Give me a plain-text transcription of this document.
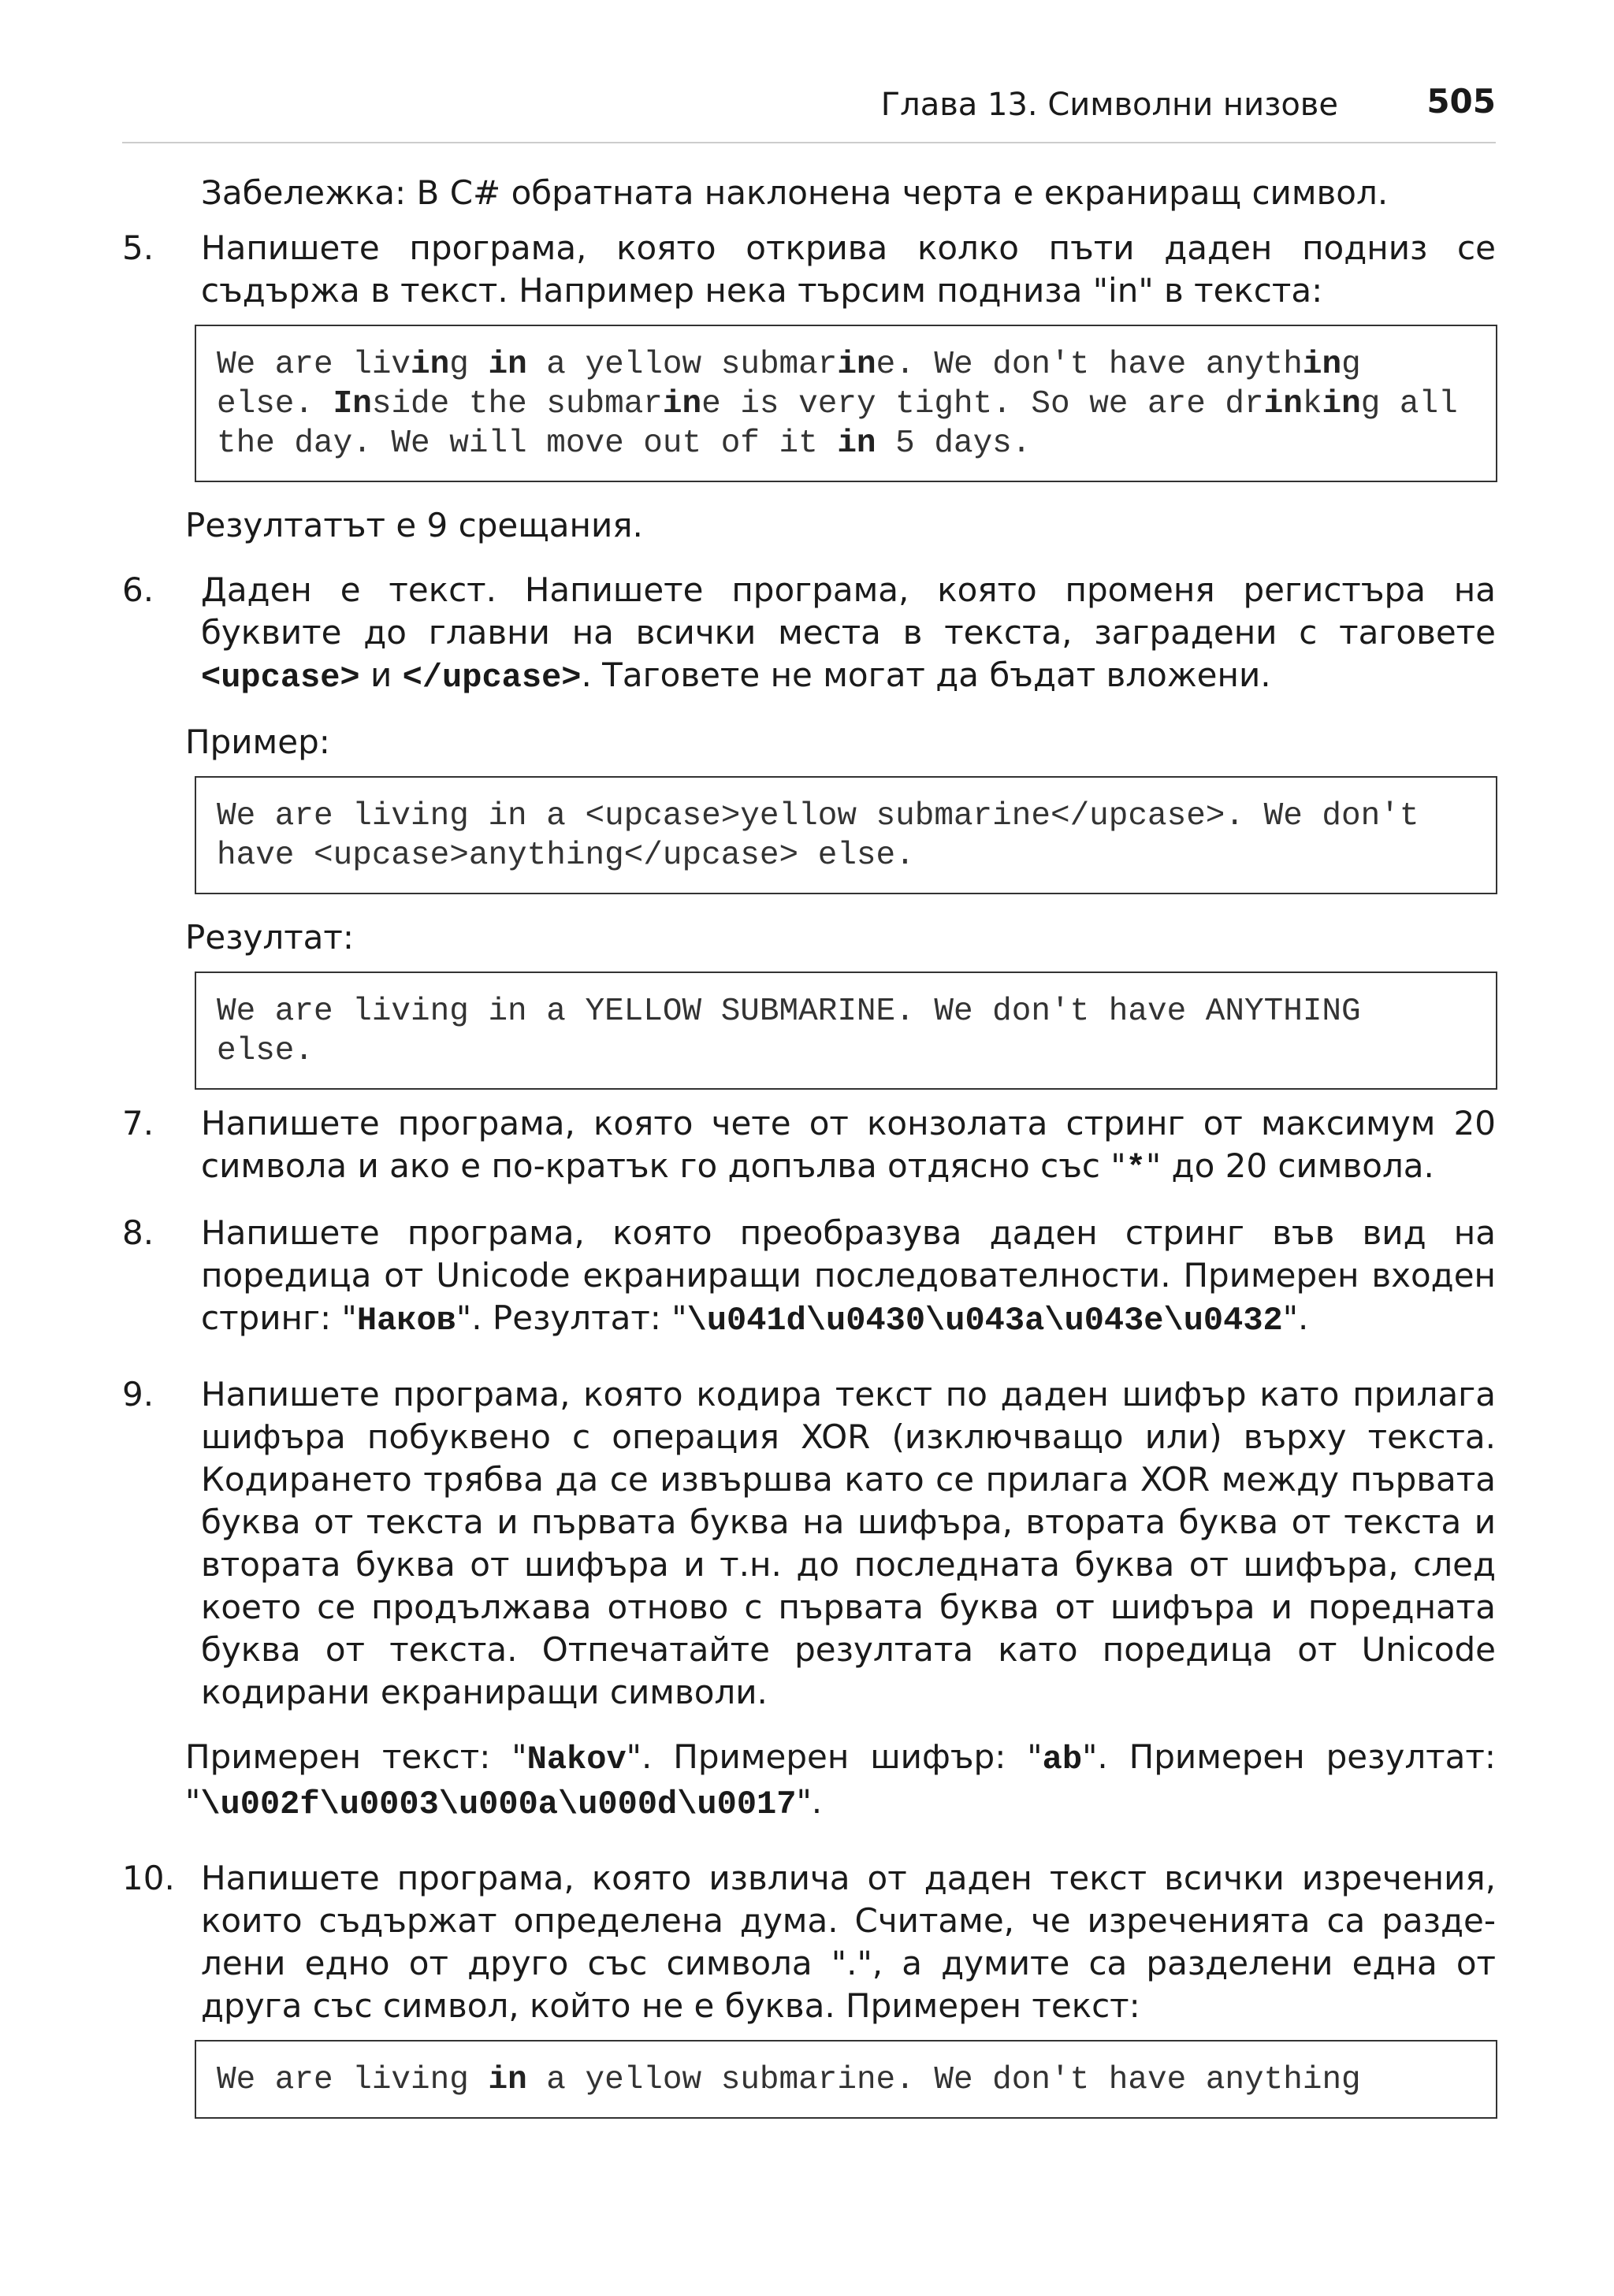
Глава 13. Символни низове	505

Забележка: В C# обратната наклонена черта е екраниращ символ.

5. Напишете програма, която открива колко пъти даден подниз се съдържа в текст. Например нека търсим подниза "in" в текста:
We are living in a yellow submarine. We don't have anything else. Inside the submarine is very tight. So we are drinking all the day. We will move out of it in 5 days.

Резултатът е 9 срещания.

6. Даден е текст. Напишете програма, която променя регистъра на буквите до главни на всички места в текста, заградени с таговете <upcase> и </upcase>. Таговете не могат да бъдат вложени.

Пример:

We are living in a <upcase>yellow submarine</upcase>. We don't have <upcase>anything</upcase> else.

Резултат:

We are living in a YELLOW SUBMARINE. We don't have ANYTHING else.
7. Напишете програма, която чете от конзолата стринг от максимум 20 символа и ако е по-кратък го допълва отдясно със "*" до 20 символа.
8. Напишете програма, която преобразува даден стринг във вид на поредица от Unicode екраниращи последователности. Примерен входен стринг: "Наков". Резултат: "\u041d\u0430\u043a\u043e\u0432".
9. Напишете програма, която кодира текст по даден шифър като прилага шифъра побуквено с операция XOR (изключващо или) върху текста. Кодирането трябва да се извършва като се прилага XOR между първата буква от текста и първата буква на шифъра, втората буква от текста и втората буква от шифъра и т.н. до последната буква от шифъра, след което се продължава отново с първата буква от шифъра и поредната буква от текста. Отпечатайте резултата като поредица от Unicode кодирани екраниращи символи.

Примерен текст: "Nakov". Примерен шифър: "ab". Примерен резултат: "\u002f\u0003\u000a\u000d\u0017".

10. Напишете програма, която извлича от даден текст всички изречения, които съдържат определена дума. Считаме, че изреченията са разделени едно от друго със символа ".", а думите са разделени една от друга със символ, който не е буква. Примерен текст:
We are living in a yellow submarine. We don't have anything
